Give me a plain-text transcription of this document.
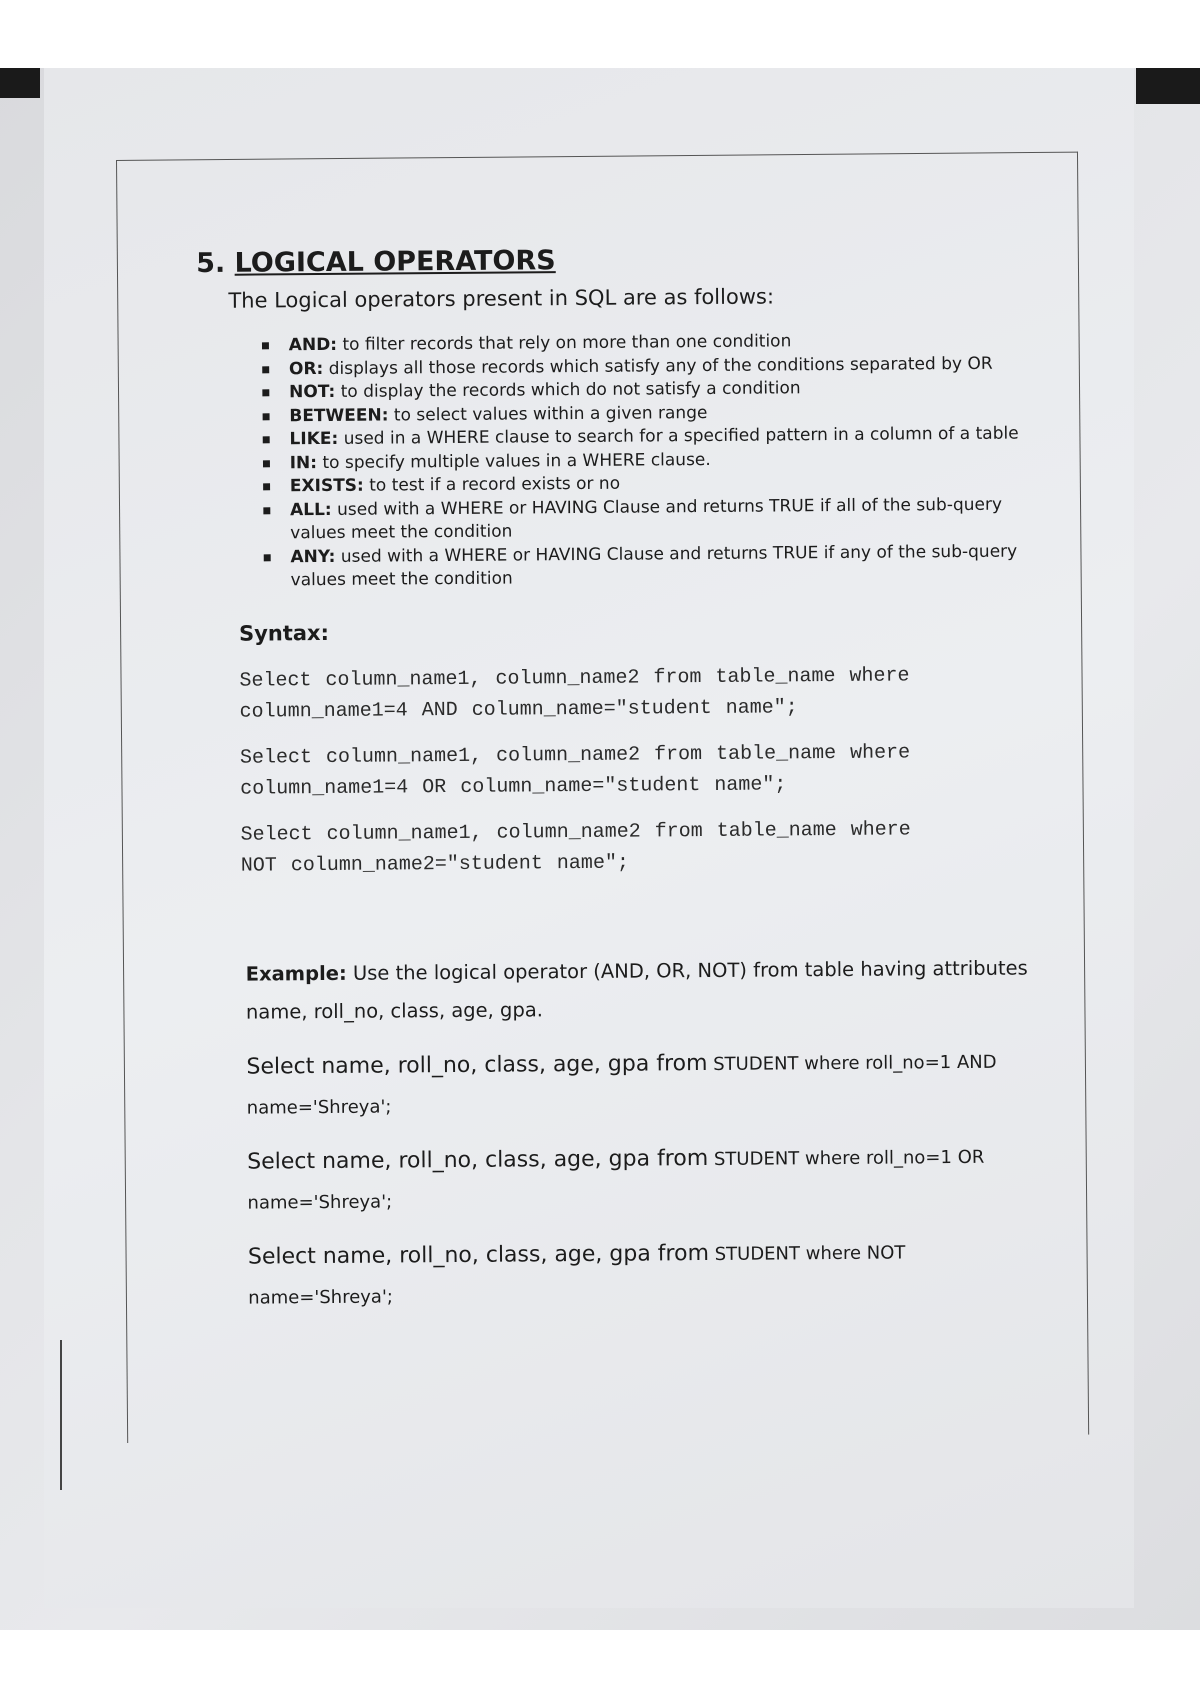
5. LOGICAL OPERATORS
The Logical operators present in SQL are as follows:
▪ AND: to filter records that rely on more than one condition
▪ OR: displays all those records which satisfy any of the conditions separated by OR
▪ NOT: to display the records which do not satisfy a condition
▪ BETWEEN: to select values within a given range
▪ LIKE: used in a WHERE clause to search for a specified pattern in a column of a table
▪ IN: to specify multiple values in a WHERE clause.
▪ EXISTS: to test if a record exists or no
▪ ALL: used with a WHERE or HAVING Clause and returns TRUE if all of the sub-query values meet the condition
▪ ANY: used with a WHERE or HAVING Clause and returns TRUE if any of the sub-query values meet the condition
Syntax:
Select column_name1, column_name2 from table_name where
column_name1=4 AND column_name="student name";
Select column_name1, column_name2 from table_name where
column_name1=4 OR column_name="student name";
Select column_name1, column_name2 from table_name where
NOT column_name2="student name";
Example: Use the logical operator (AND, OR, NOT) from table having attributes name, roll_no, class, age, gpa.
Select name, roll_no, class, age, gpa from STUDENT where roll_no=1 AND
name='Shreya';
Select name, roll_no, class, age, gpa from STUDENT where roll_no=1 OR
name='Shreya';
Select name, roll_no, class, age, gpa from STUDENT where NOT
name='Shreya';
